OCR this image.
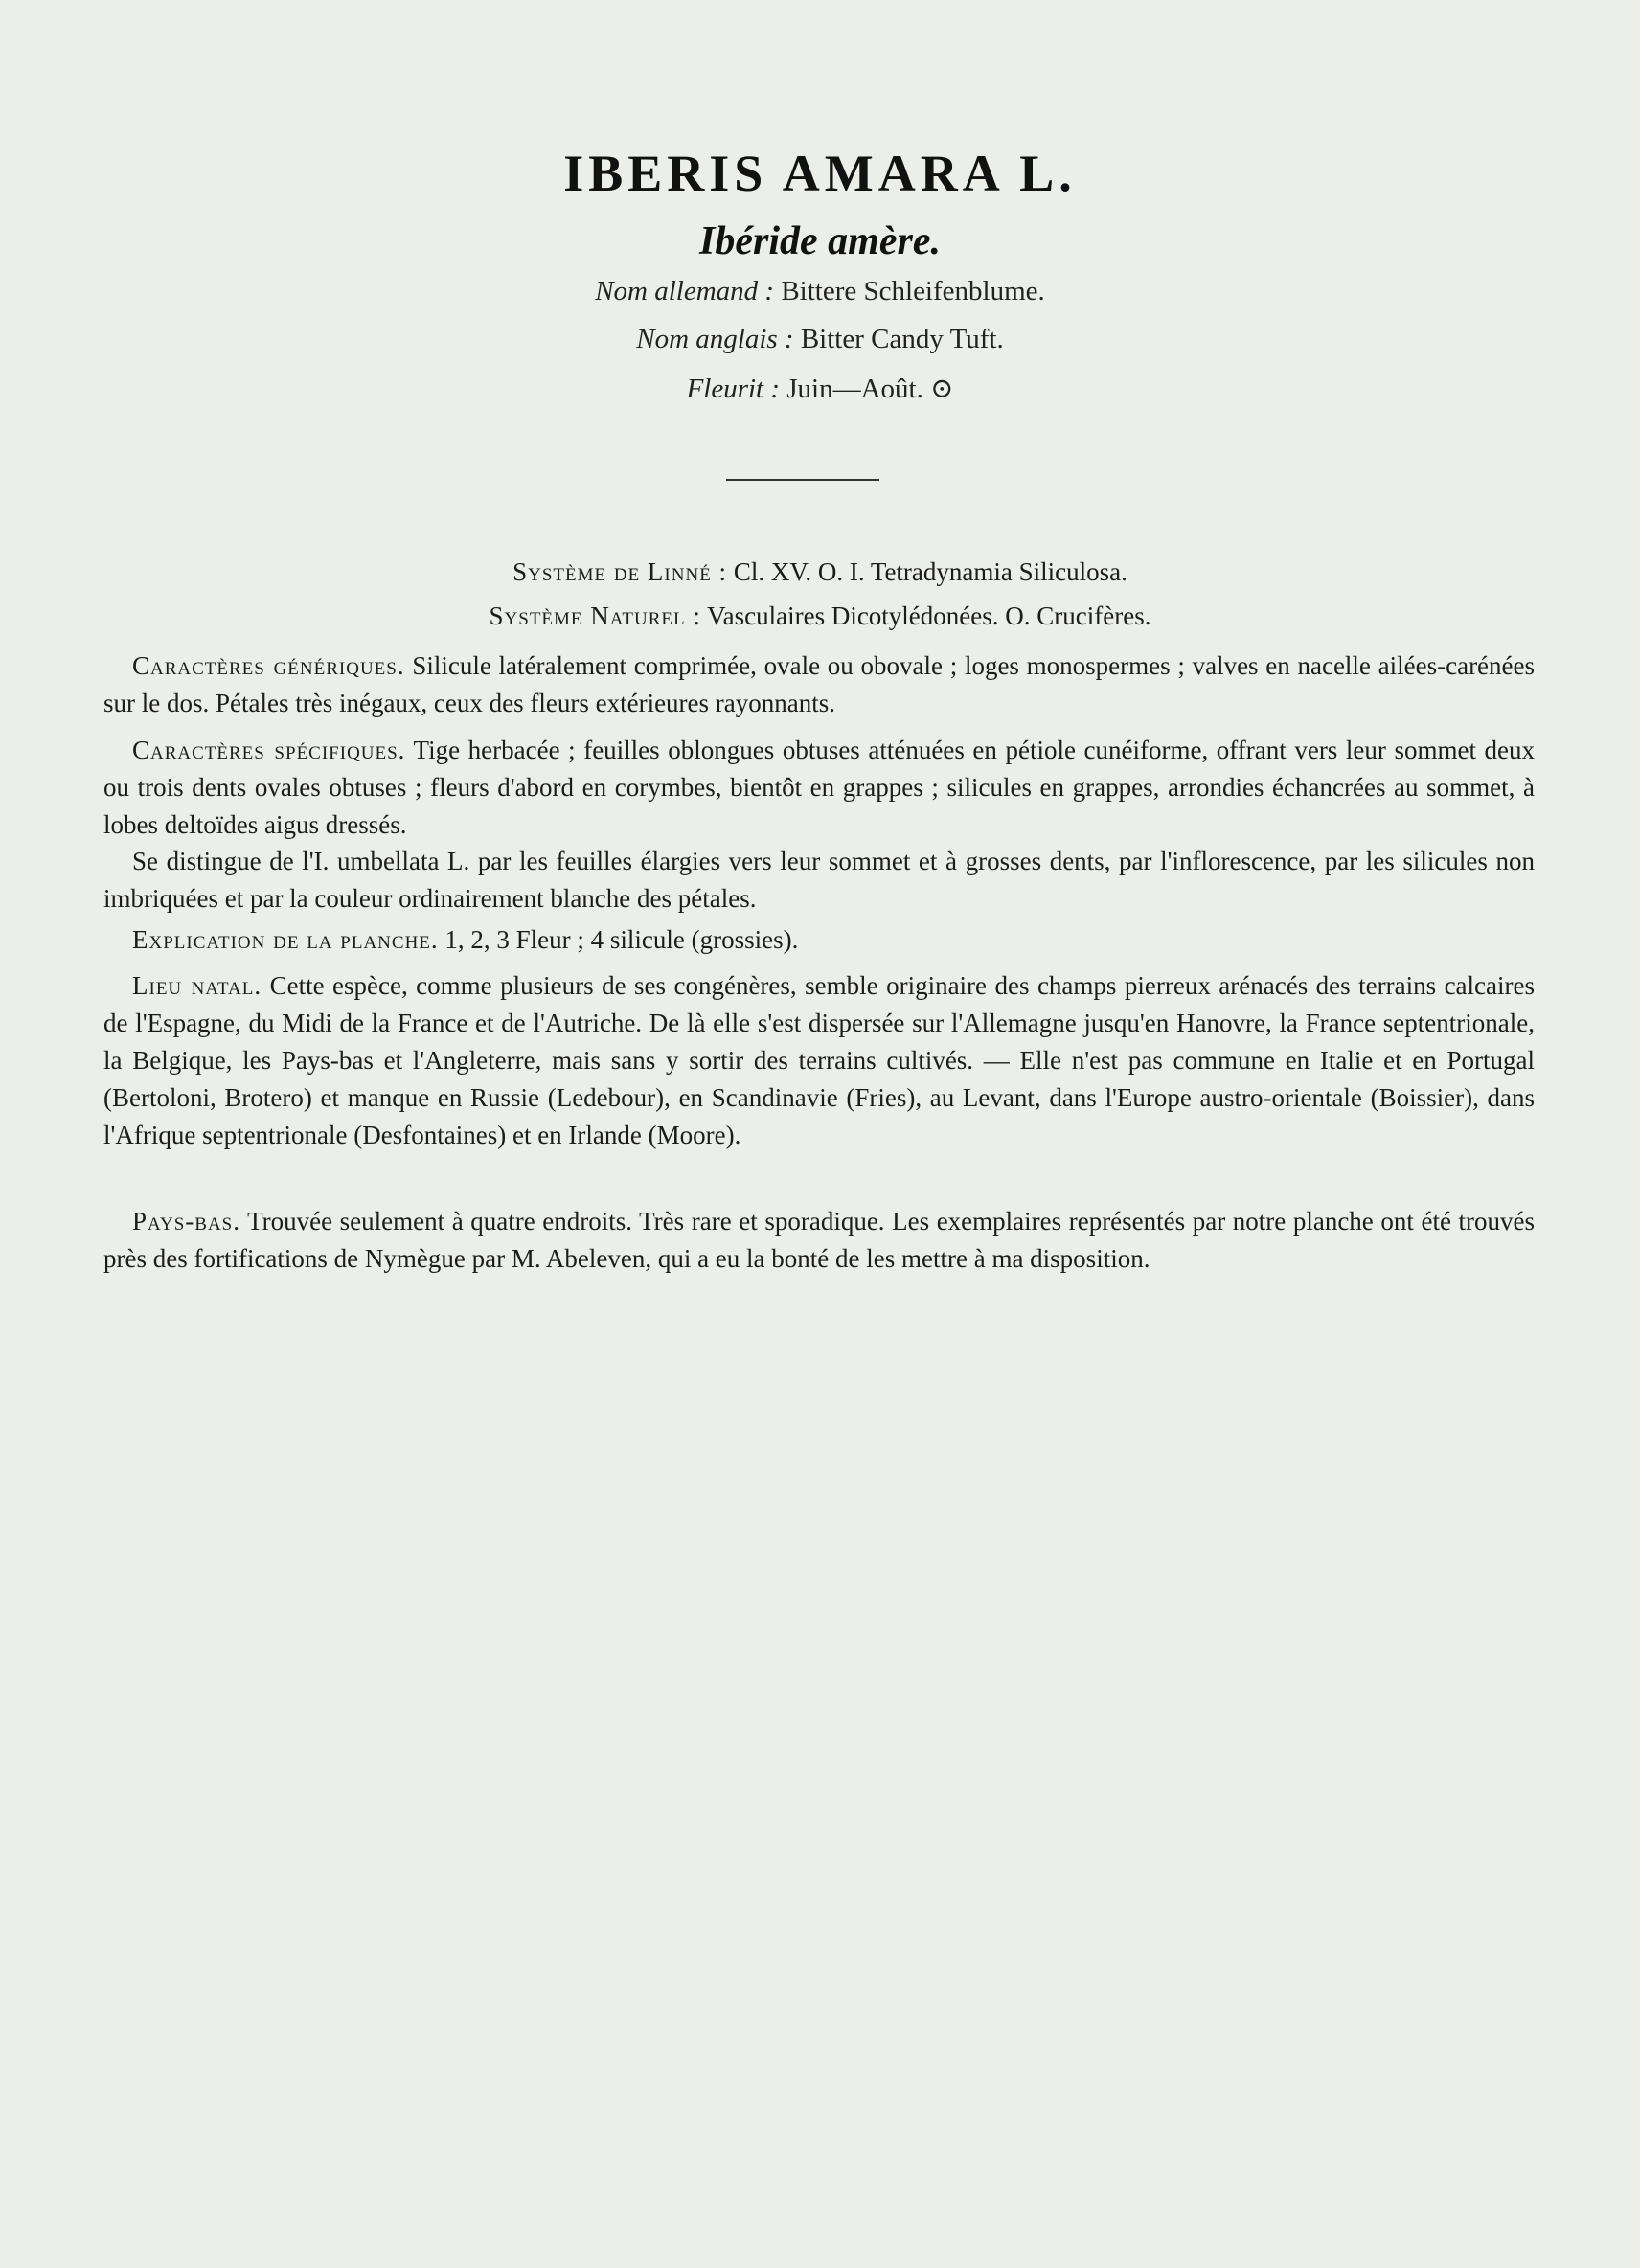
IBERIS AMARA L.
Ibéride amère.
Nom allemand : Bittere Schleifenblume.
Nom anglais : Bitter Candy Tuft.
Fleurit : Juin—Août. ⊙
Système de Linné : Cl. XV. O. I. Tetradynamia Siliculosa.
Système Naturel : Vasculaires Dicotylédonées. O. Crucifères.
Caractères génériques. Silicule latéralement comprimée, ovale ou obovale ; loges monospermes ; valves en nacelle ailées-carénées sur le dos. Pétales très inégaux, ceux des fleurs extérieures rayonnants.
Caractères spécifiques. Tige herbacée ; feuilles oblongues obtuses atténuées en pétiole cunéiforme, offrant vers leur sommet deux ou trois dents ovales obtuses ; fleurs d'abord en corymbes, bientôt en grappes ; silicules en grappes, arrondies échancrées au sommet, à lobes deltoïdes aigus dressés.
Se distingue de l'I. umbellata L. par les feuilles élargies vers leur sommet et à grosses dents, par l'inflorescence, par les silicules non imbriquées et par la couleur ordinairement blanche des pétales.
Explication de la planche. 1, 2, 3 Fleur ; 4 silicule (grossies).
Lieu natal. Cette espèce, comme plusieurs de ses congénères, semble originaire des champs pierreux arénacés des terrains calcaires de l'Espagne, du Midi de la France et de l'Autriche. De là elle s'est dispersée sur l'Allemagne jusqu'en Hanovre, la France septentrionale, la Belgique, les Pays-bas et l'Angleterre, mais sans y sortir des terrains cultivés. — Elle n'est pas commune en Italie et en Portugal (Bertoloni, Brotero) et manque en Russie (Ledebour), en Scandinavie (Fries), au Levant, dans l'Europe austro-orientale (Boissier), dans l'Afrique septentrionale (Desfontaines) et en Irlande (Moore).
Pays-bas. Trouvée seulement à quatre endroits. Très rare et sporadique. Les exemplaires représentés par notre planche ont été trouvés près des fortifications de Nymègue par M. Abeleven, qui a eu la bonté de les mettre à ma disposition.
